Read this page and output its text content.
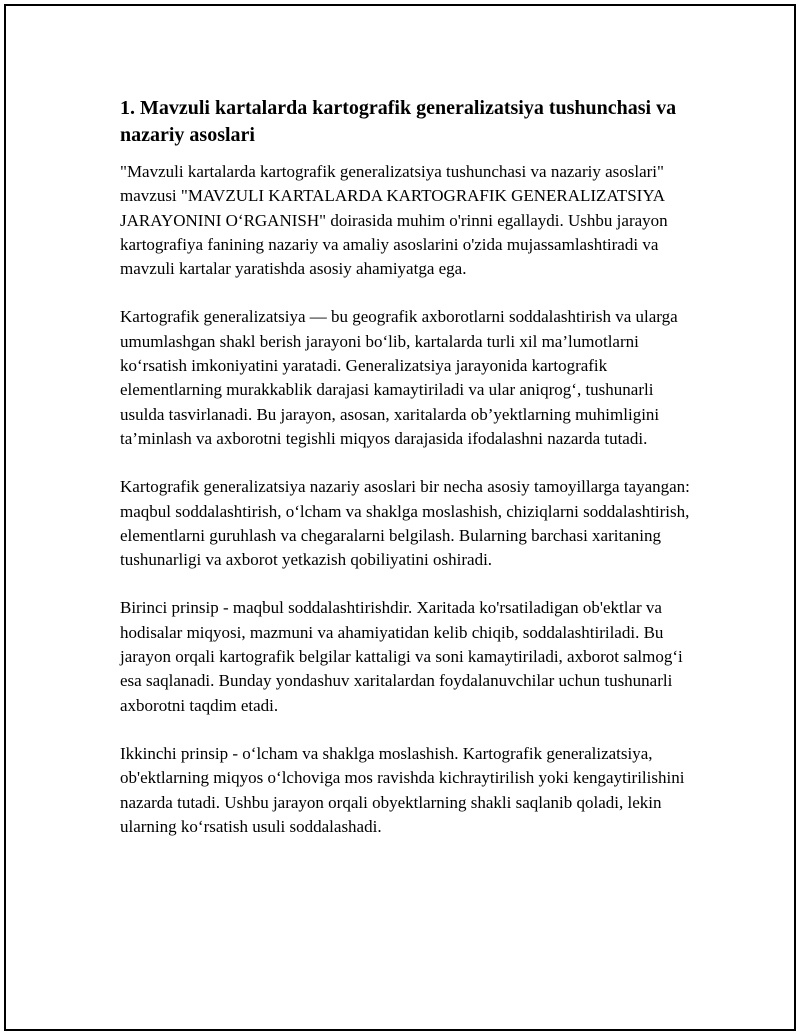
1. Mavzuli kartalarda kartografik generalizatsiya tushunchasi va nazariy asoslari

"Mavzuli kartalarda kartografik generalizatsiya tushunchasi va nazariy asoslari" mavzusi "MAVZULI KARTALARDA KARTOGRAFIK GENERALIZATSIYA JARAYONINI O‘RGANISH" doirasida muhim o'rinni egallaydi. Ushbu jarayon kartografiya fanining nazariy va amaliy asoslarini o'zida mujassamlashtiradi va mavzuli kartalar yaratishda asosiy ahamiyatga ega.

Kartografik generalizatsiya — bu geografik axborotlarni soddalashtirish va ularga umumlashgan shakl berish jarayoni bo‘lib, kartalarda turli xil ma’lumotlarni ko‘rsatish imkoniyatini yaratadi. Generalizatsiya jarayonida kartografik elementlarning murakkablik darajasi kamaytiriladi va ular aniqrog‘, tushunarli usulda tasvirlanadi. Bu jarayon, asosan, xaritalarda ob’yektlarning muhimligini ta’minlash va axborotni tegishli miqyos darajasida ifodalashni nazarda tutadi.

Kartografik generalizatsiya nazariy asoslari bir necha asosiy tamoyillarga tayangan: maqbul soddalashtirish, o‘lcham va shaklga moslashish, chiziqlarni soddalashtirish, elementlarni guruhlash va chegaralarni belgilash. Bularning barchasi xaritaning tushunarligi va axborot yetkazish qobiliyatini oshiradi.

Birinci prinsip - maqbul soddalashtirishdir. Xaritada ko'rsatiladigan ob'ektlar va hodisalar miqyosi, mazmuni va ahamiyatidan kelib chiqib, soddalashtiriladi. Bu jarayon orqali kartografik belgilar kattaligi va soni kamaytiriladi, axborot salmog‘i esa saqlanadi. Bunday yondashuv xaritalardan foydalanuvchilar uchun tushunarli axborotni taqdim etadi.

Ikkinchi prinsip - o‘lcham va shaklga moslashish. Kartografik generalizatsiya, ob'ektlarning miqyos o‘lchoviga mos ravishda kichraytirilish yoki kengaytirilishini nazarda tutadi. Ushbu jarayon orqali obyektlarning shakli saqlanib qoladi, lekin ularning ko‘rsatish usuli soddalashadi.
